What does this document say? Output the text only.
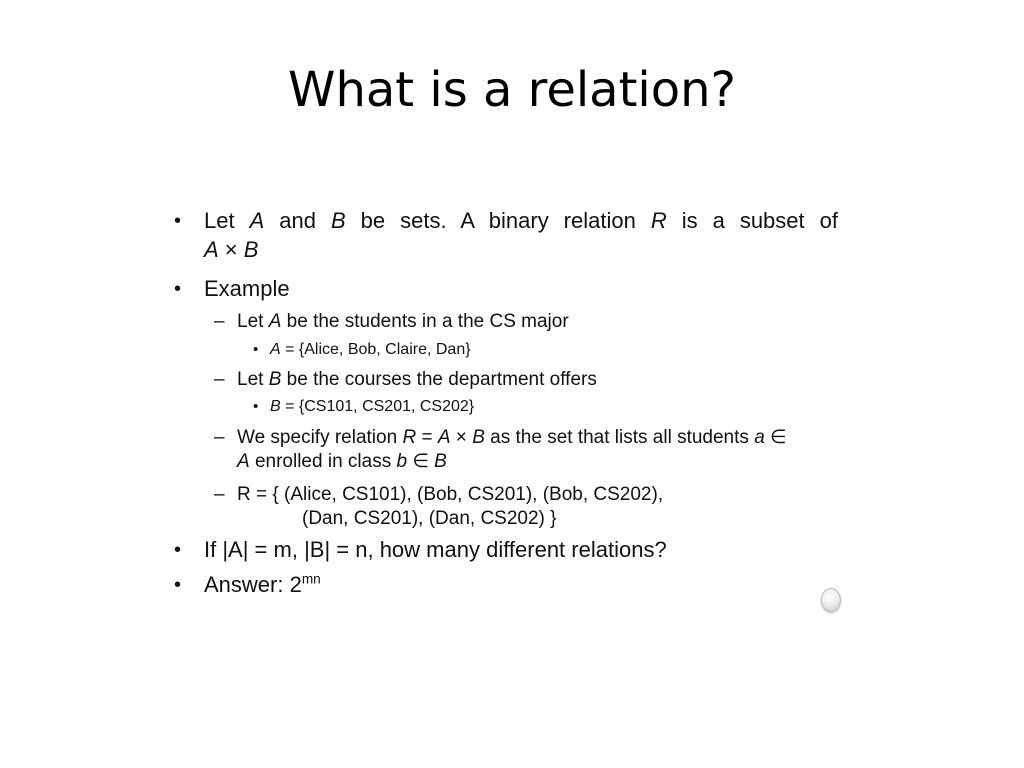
What is a relation?
• Let A and B be sets. A binary relation R is a subset of
A × B
• Example
– Let A be the students in a the CS major
• A = {Alice, Bob, Claire, Dan}
– Let B be the courses the department offers
• B = {CS101, CS201, CS202}
– We specify relation R = A × B as the set that lists all students a ∈
A enrolled in class b ∈ B
– R = { (Alice, CS101), (Bob, CS201), (Bob, CS202),
(Dan, CS201), (Dan, CS202) }
• If |A| = m, |B| = n, how many different relations?
• Answer: $2^{mn}$
